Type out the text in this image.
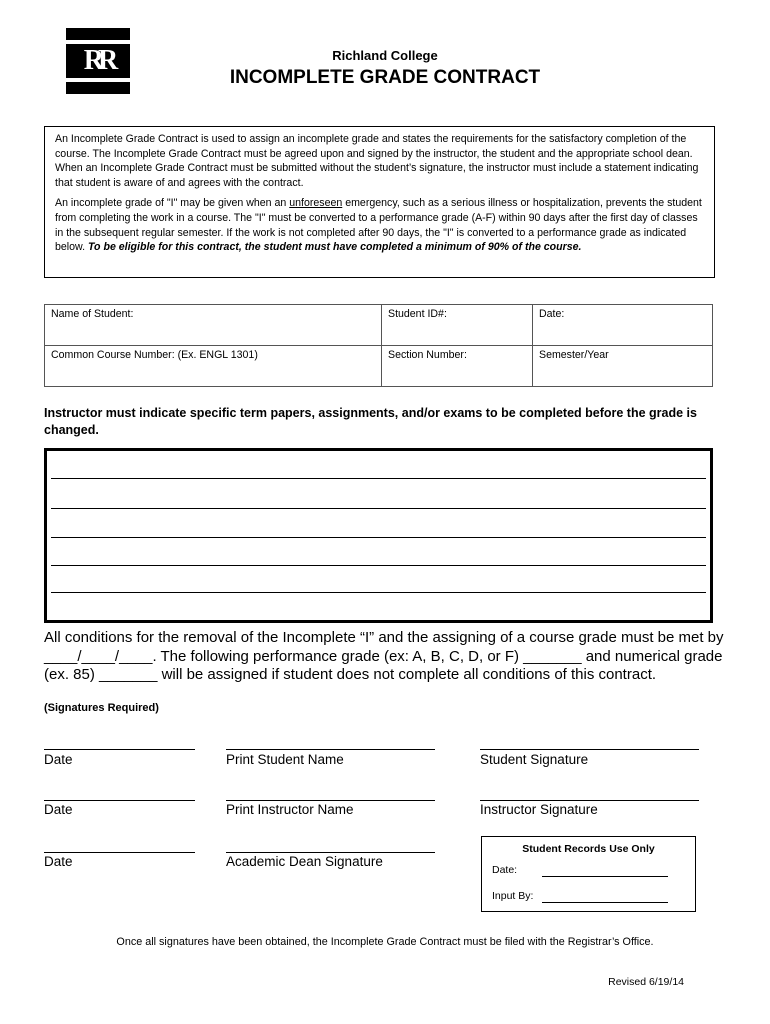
RR	Richland College
INCOMPLETE GRADE CONTRACT

An Incomplete Grade Contract is used to assign an incomplete grade and states the requirements for the satisfactory completion of the course. The Incomplete Grade Contract must be agreed upon and signed by the instructor, the student and the appropriate school dean. When an Incomplete Grade Contract must be submitted without the student’s signature, the instructor must include a statement indicating that student is aware of and agrees with the contract.

An incomplete grade of "I" may be given when an unforeseen emergency, such as a serious illness or hospitalization, prevents the student from completing the work in a course. The "I" must be converted to a performance grade (A-F) within 90 days after the first day of classes in the subsequent regular semester. If the work is not completed after 90 days, the "I" is converted to a performance grade as indicated below. To be eligible for this contract, the student must have completed a minimum of 90% of the course.

Name of Student:	Student ID#:	Date:
Common Course Number: (Ex. ENGL 1301)	Section Number:	Semester/Year
Instructor must indicate specific term papers, assignments, and/or exams to be completed before the grade is changed.
All conditions for the removal of the Incomplete “I” and the assigning of a course grade must be met by ____/____/____. The following performance grade (ex: A, B, C, D, or F) _______ and numerical grade (ex. 85) _______ will be assigned if student does not complete all conditions of this contract.
(Signatures Required)
Date	Print Student Name	Student Signature
Date	Print Instructor Name	Instructor Signature
Date	Academic Dean Signature
Student Records Use Only
Date:
Input By:
Once all signatures have been obtained, the Incomplete Grade Contract must be filed with the Registrar’s Office.
Revised 6/19/14
